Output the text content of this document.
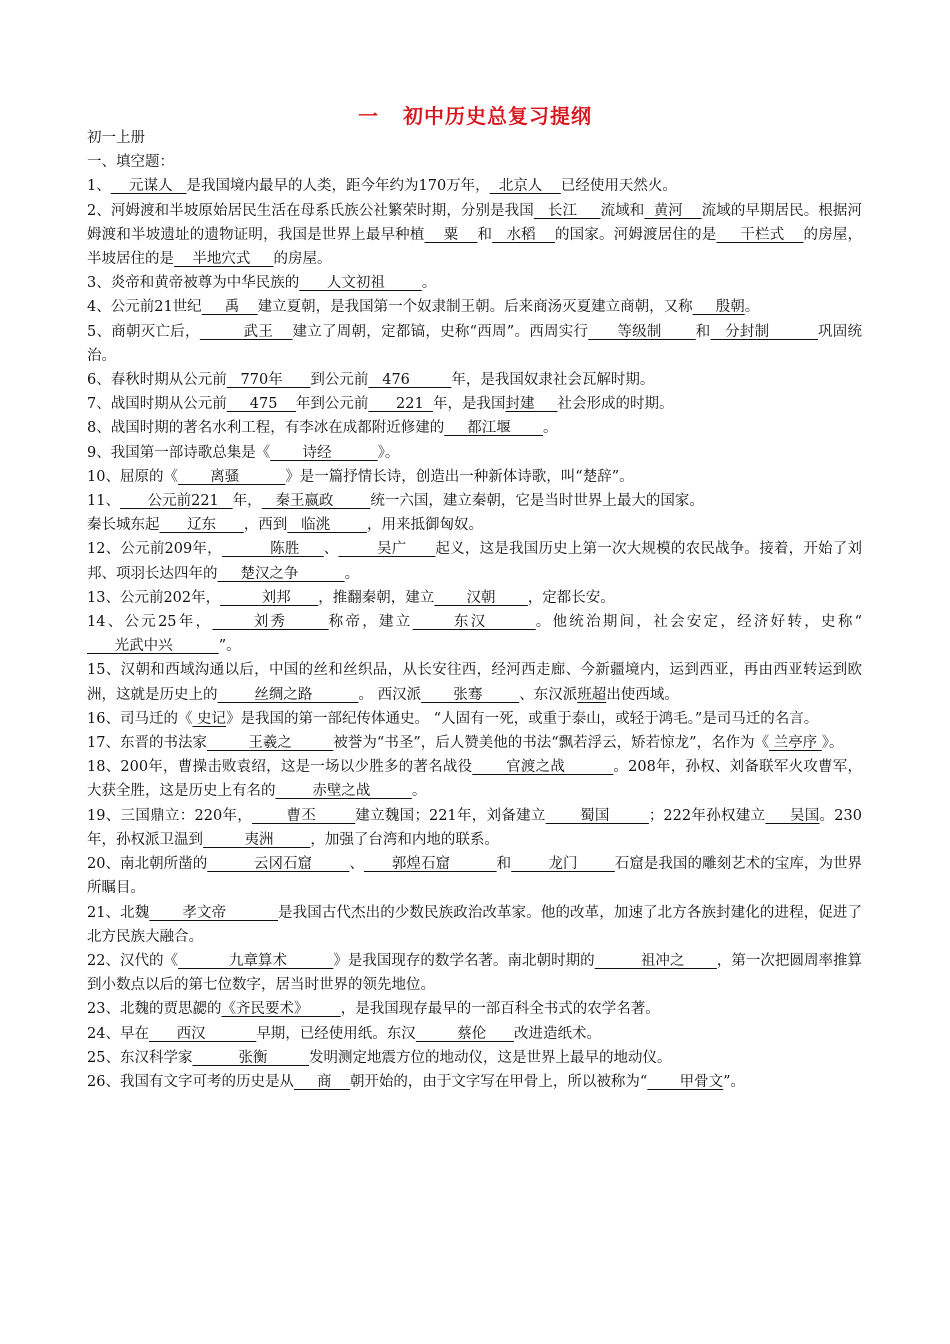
一 初中历史总复习提纲

初一上册

一、填空题：

1、    元谋人   是我国境内最早的人类，距今年约为170万年，  北京人    已经使用天然火。

2、河姆渡和半坡原始居民生活在母系氏族公社繁荣时期，分别是我国   长江     流域和  黄河    流域的早期居民。根据河姆渡和半坡遗址的遗物证明，我国是世界上最早种植    粟    和   水稻    的国家。河姆渡居住的是     干栏式    的房屋，半坡居住的是    半地穴式     的房屋。

3、炎帝和黄帝被尊为中华民族的      人文初祖        。

4、公元前21世纪     禹    建立夏朝，是我国第一个奴隶制王朝。后来商汤灭夏建立商朝，又称     殷朝。

5、商朝灭亡后，         武王    建立了周朝，定都镐，史称“西周”。西周实行      等级制       和   分封制          巩固统治。

6、春秋时期从公元前   770年      到公元前   476         年，是我国奴隶社会瓦解时期。

7、战国时期从公元前     475    年到公元前      221  年，是我国封建     社会形成的时期。

8、战国时期的著名水利工程，有李冰在成都附近修建的     都江堰       。

9、我国第一部诗歌总集是《       诗经          》。

10、屈原的《       离骚          》是一篇抒情长诗，创造出一种新体诗歌，叫“楚辞”。

11、      公元前221   年，   秦王嬴政        统一六国，建立秦朝，它是当时世界上最大的国家。

秦长城东起      辽东      ，西到   临洮        ，用来抵御匈奴。

12、公元前209年，          陈胜     、        吴广      起义，这是我国历史上第一次大规模的农民战争。接着，开始了刘邦、项羽长达四年的     楚汉之争          。

13、公元前202年，         刘邦      ，推翻秦朝，建立       汉朝       ，定都长安。

14、公元25年，      刘秀      称帝，建立      东汉       。他统治期间，社会安定，经济好转，史称“      光武中兴          ”。

15、汉朝和西域沟通以后，中国的丝和丝织品，从长安往西，经河西走廊、今新疆境内，运到西亚，再由西亚转运到欧洲，这就是历史上的        丝绸之路          。 西汉派       张骞        、东汉派班超出使西域。

16、司马迁的《 史记》是我国的第一部纪传体通史。 “人固有一死，或重于泰山，或轻于鸿毛。”是司马迁的名言。

17、东晋的书法家         王羲之         被誉为“书圣”，后人赞美他的书法“飘若浮云，矫若惊龙”，名作为《 兰亭序 》。

18、200年，曹操击败袁绍，这是一场以少胜多的著名战役       官渡之战          。208年，孙权、刘备联军火攻曹军，大获全胜，这是历史上有名的        赤壁之战         。

19、三国鼎立：220年，       曹丕        建立魏国；221年，刘备建立       蜀国        ；222年孙权建立     吴国。230年，孙权派卫温到         夷洲        ，加强了台湾和内地的联系。

20、南北朝所凿的          云冈石窟        、      郭煌石窟          和        龙门        石窟是我国的雕刻艺术的宝库，为世界所瞩目。

21、北魏       孝文帝           是我国古代杰出的少数民族政治改革家。他的改革，加速了北方各族封建化的进程，促进了北方民族大融合。

22、汉代的《           九章算术          》是我国现存的数学名著。南北朝时期的          祖冲之       ，第一次把圆周率推算到小数点以后的第七位数字，居当时世界的领先地位。

23、北魏的贾思勰的《齐民要术》       ，是我国现存最早的一部百科全书式的农学名著。

24、早在      西汉           早期，已经使用纸。东汉         蔡伦      改进造纸术。

25、东汉科学家          张衡         发明测定地震方位的地动仪，这是世界上最早的地动仪。

26、我国有文字可考的历史是从     商    朝开始的，由于文字写在甲骨上，所以被称为“       甲骨文”。
